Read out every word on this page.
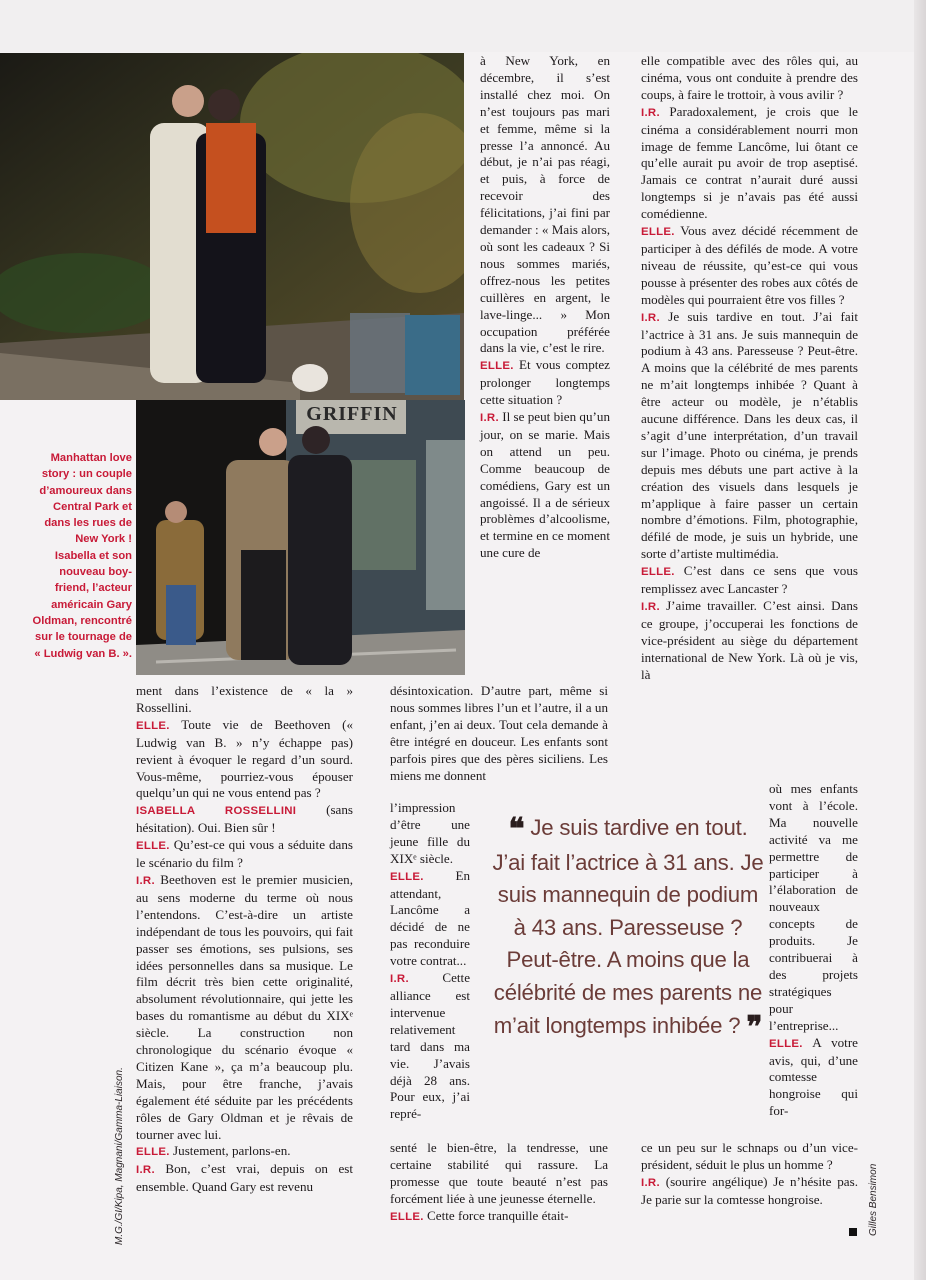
GRIFFIN
Manhattan love
story : un couple
d’amoureux dans
Central Park et
dans les rues de
New York !
Isabella et son
nouveau boy-
friend, l’acteur
américain Gary
Oldman, rencontré
sur le tournage de
« Ludwig van B. ».

ment dans l’existence de « la » Rossellini.

ELLE. Toute vie de Beethoven (« Ludwig van B. » n’y échappe pas) revient à évoquer le regard d’un sourd. Vous-même, pourriez-vous épouser quelqu’un qui ne vous entend pas ?

ISABELLA ROSSELLINI (sans hésitation). Oui. Bien sûr !

ELLE. Qu’est-ce qui vous a séduite dans le scénario du film ?

I.R. Beethoven est le premier musicien, au sens moderne du terme où nous l’entendons. C’est-à-dire un artiste indépendant de tous les pouvoirs, qui fait passer ses émotions, ses pulsions, ses idées personnelles dans sa musique. Le film décrit très bien cette originalité, absolument révolutionnaire, qui jette les bases du romantisme au début du XIXᵉ siècle. La construction non chronologique du scénario évoque « Citizen Kane », ça m’a beaucoup plu. Mais, pour être franche, j’avais également été séduite par les précédents rôles de Gary Oldman et je rêvais de tourner avec lui.

ELLE. Justement, parlons-en.

I.R. Bon, c’est vrai, depuis on est ensemble. Quand Gary est revenu

à New York, en décembre, il s’est installé chez moi. On n’est toujours pas mari et femme, même si la presse l’a annoncé. Au début, je n’ai pas réagi, et puis, à force de recevoir des félicitations, j’ai fini par demander : « Mais alors, où sont les cadeaux ? Si nous sommes mariés, offrez-nous les petites cuillères en argent, le lave-linge... » Mon occupation préférée dans la vie, c’est le rire.

ELLE. Et vous comptez prolonger longtemps cette situation ?

I.R. Il se peut bien qu’un jour, on se marie. Mais on attend un peu. Comme beaucoup de comédiens, Gary est un angoissé. Il a de sérieux problèmes d’alcoolisme, et termine en ce moment une cure de

désintoxication. D’autre part, même si nous sommes libres l’un et l’autre, il a un enfant, j’en ai deux. Tout cela demande à être intégré en douceur. Les enfants sont parfois pires que des pères siciliens. Les miens me donnent

l’impression d’être une jeune fille du XIXᵉ siècle.

ELLE. En attendant, Lancôme a décidé de ne pas reconduire votre contrat...

I.R. Cette alliance est intervenue relativement tard dans ma vie. J’avais déjà 28 ans. Pour eux, j’ai repré-

senté le bien-être, la tendresse, une certaine stabilité qui rassure. La promesse que toute beauté n’est pas forcément liée à une jeunesse éternelle.

ELLE. Cette force tranquille était-

elle compatible avec des rôles qui, au cinéma, vous ont conduite à prendre des coups, à faire le trottoir, à vous avilir ?

I.R. Paradoxalement, je crois que le cinéma a considérablement nourri mon image de femme Lancôme, lui ôtant ce qu’elle aurait pu avoir de trop aseptisé. Jamais ce contrat n’aurait duré aussi longtemps si je n’avais pas été aussi comédienne.

ELLE. Vous avez décidé récemment de participer à des défilés de mode. A votre niveau de réussite, qu’est-ce qui vous pousse à présenter des robes aux côtés de modèles qui pourraient être vos filles ?

I.R. Je suis tardive en tout. J’ai fait l’actrice à 31 ans. Je suis mannequin de podium à 43 ans. Paresseuse ? Peut-être. A moins que la célébrité de mes parents ne m’ait longtemps inhibée ? Quant à être acteur ou modèle, je n’établis aucune différence. Dans les deux cas, il s’agit d’une interprétation, d’un travail sur l’image. Photo ou cinéma, je prends depuis mes débuts une part active à la création des visuels dans lesquels je m’applique à faire passer un certain nombre d’émotions. Film, photographie, défilé de mode, je suis un hybride, une sorte d’artiste multimédia.

ELLE. C’est dans ce sens que vous remplissez avec Lancaster ?

I.R. J’aime travailler. C’est ainsi. Dans ce groupe, j’occuperai les fonctions de vice-président au siège du département international de New York. Là où je vis, là

où mes enfants vont à l’école. Ma nouvelle activité va me permettre de participer à l’élaboration de nouveaux concepts de produits. Je contribuerai à des projets stratégiques pour l’entreprise...

ELLE. A votre avis, qui, d’une comtesse hongroise qui for-

ce un peu sur le schnaps ou d’un vice-président, séduit le plus un homme ?

I.R. (sourire angélique) Je n’hésite pas. Je parie sur la comtesse hongroise.

❝ Je suis tardive en tout. J’ai fait l’actrice à 31 ans. Je suis mannequin de podium à 43 ans. Paresseuse ? Peut-être. A moins que la célébrité de mes parents ne m’ait longtemps inhibée ? ❞
M.G./GI/Kipa, Magnani/Gamma-Liaison.	Gilles Bensimon
